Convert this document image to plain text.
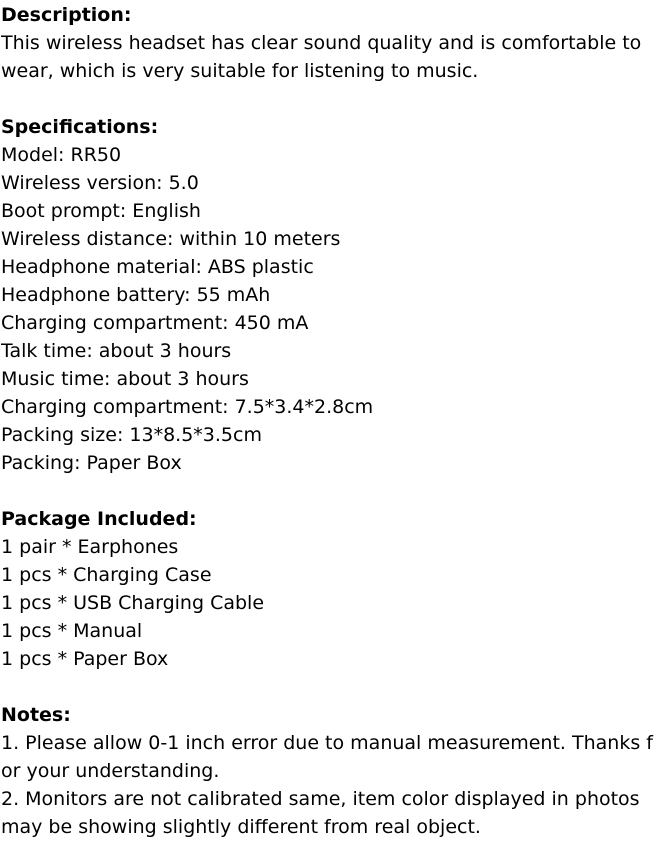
Description:
This wireless headset has clear sound quality and is comfortable to
wear, which is very suitable for listening to music.
Specifications:
Model: RR50
Wireless version: 5.0
Boot prompt: English
Wireless distance: within 10 meters
Headphone material: ABS plastic
Headphone battery: 55 mAh
Charging compartment: 450 mA
Talk time: about 3 hours
Music time: about 3 hours
Charging compartment: 7.5*3.4*2.8cm
Packing size: 13*8.5*3.5cm
Packing: Paper Box
Package Included:
1 pair * Earphones
1 pcs * Charging Case
1 pcs * USB Charging Cable
1 pcs * Manual
1 pcs * Paper Box
Notes:
1. Please allow 0-1 inch error due to manual measurement. Thanks f
or your understanding.
2. Monitors are not calibrated same, item color displayed in photos
may be showing slightly different from real object.
